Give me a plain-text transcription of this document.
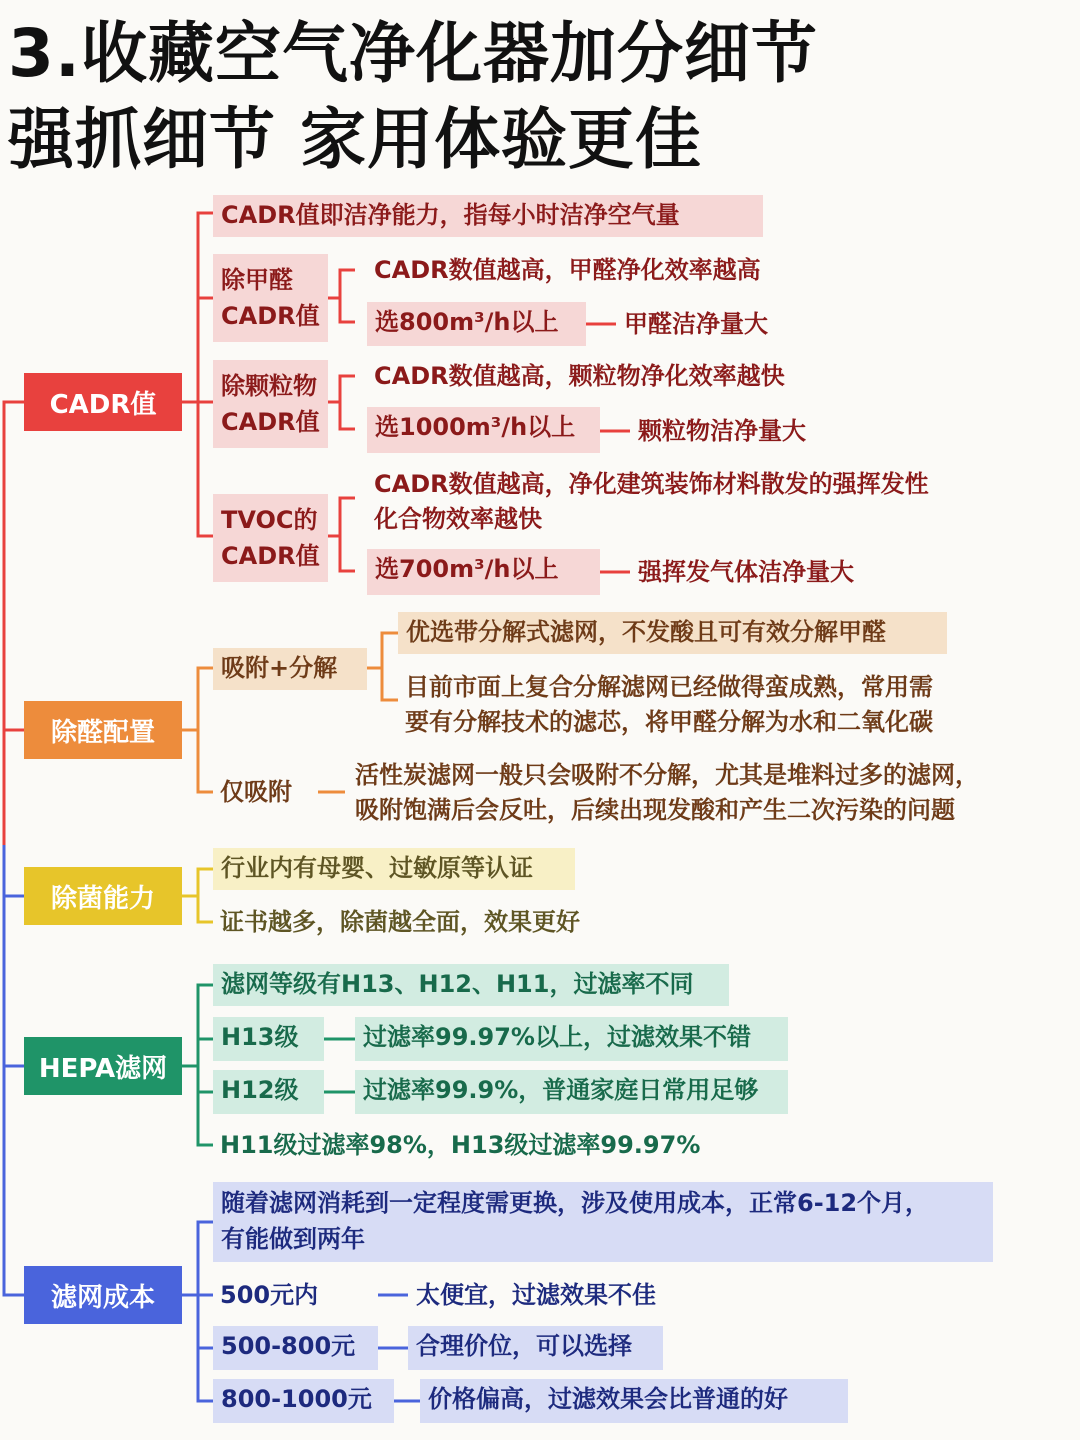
3.收藏空气净化器加分细节
强抓细节 家用体验更佳
CADR值
除醛配置
除菌能力
HEPA滤网
滤网成本
CADR值即洁净能力，指每小时洁净空气量
除甲醛
CADR值
CADR数值越高，甲醛净化效率越高
选800m³/h以上	甲醛洁净量大
除颗粒物
CADR值
CADR数值越高，颗粒物净化效率越快
选1000m³/h以上	颗粒物洁净量大
TVOC的
CADR值
CADR数值越高，净化建筑装饰材料散发的强挥发性
化合物效率越快
选700m³/h以上	强挥发气体洁净量大
吸附+分解
优选带分解式滤网，不发酸且可有效分解甲醛
目前市面上复合分解滤网已经做得蛮成熟，常用需
要有分解技术的滤芯，将甲醛分解为水和二氧化碳
仅吸附
活性炭滤网一般只会吸附不分解，尤其是堆料过多的滤网，
吸附饱满后会反吐，后续出现发酸和产生二次污染的问题
行业内有母婴、过敏原等认证
证书越多，除菌越全面，效果更好
滤网等级有H13、H12、H11，过滤率不同
H13级	过滤率99.97%以上，过滤效果不错
H12级	过滤率99.9%，普通家庭日常用足够
H11级过滤率98%，H13级过滤率99.97%
随着滤网消耗到一定程度需更换，涉及使用成本，正常6-12个月，
有能做到两年
500元内	太便宜，过滤效果不佳
500-800元	合理价位，可以选择
800-1000元	价格偏高，过滤效果会比普通的好
